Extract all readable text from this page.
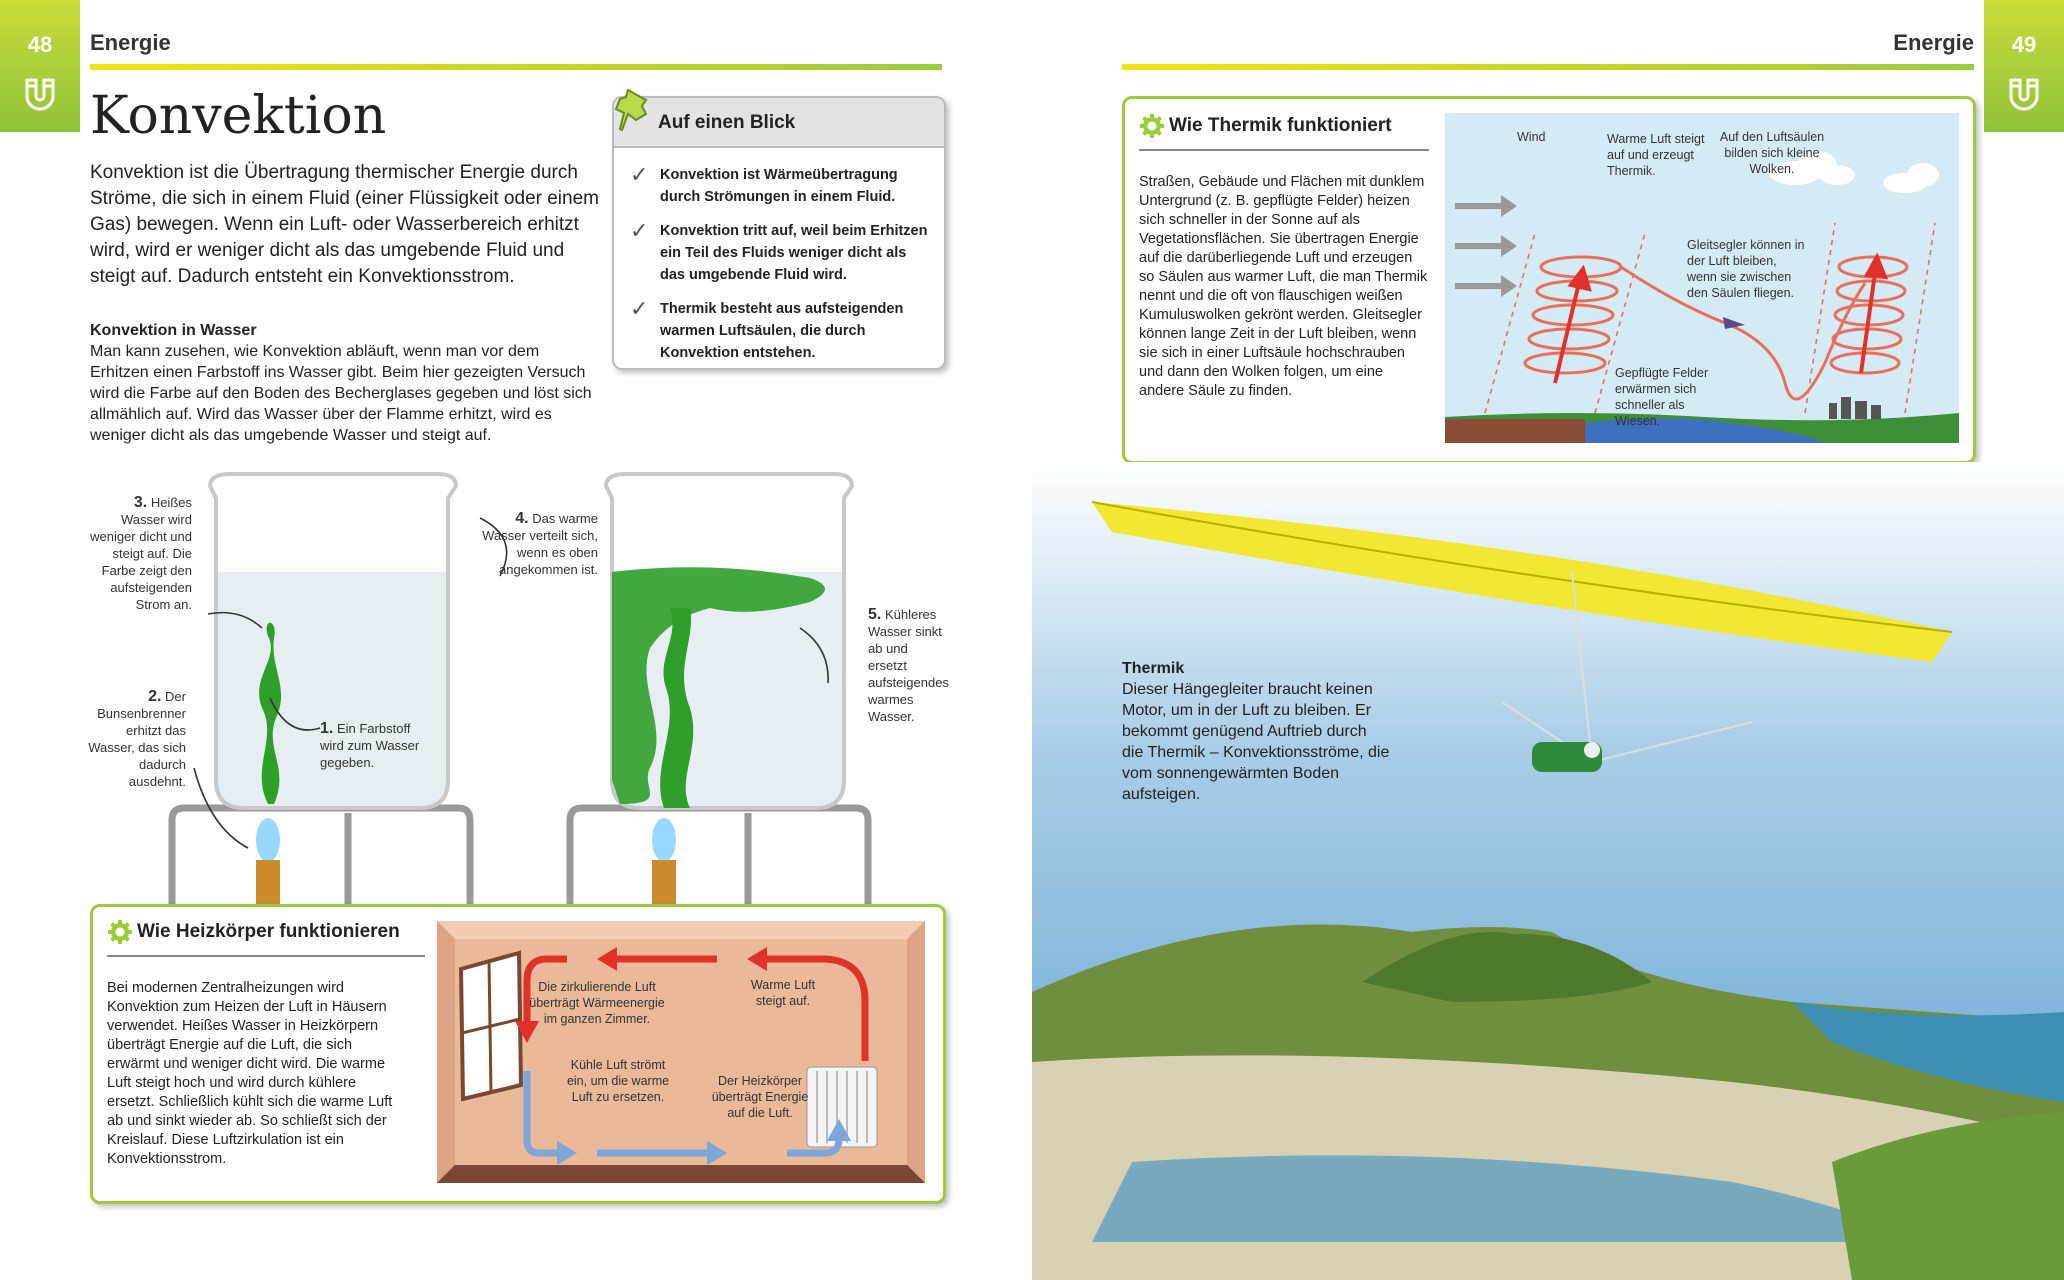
48	Energie
Konvektion
Konvektion ist die Übertragung thermischer Energie durch Ströme, die sich in einem Fluid (einer Flüssigkeit oder einem Gas) bewegen. Wenn ein Luft- oder Wasserbereich erhitzt wird, wird er weniger dicht als das umgebende Fluid und steigt auf. Dadurch entsteht ein Konvektionsstrom.
Konvektion in Wasser
Man kann zusehen, wie Konvektion abläuft, wenn man vor dem Erhitzen einen Farbstoff ins Wasser gibt. Beim hier gezeigten Versuch wird die Farbe auf den Boden des Becherglases gegeben und löst sich allmählich auf. Wird das Wasser über der Flamme erhitzt, wird es weniger dicht als das umgebende Wasser und steigt auf.
Auf einen Blick
✓ Konvektion ist Wärmeübertragung durch Strömungen in einem Fluid.
✓ Konvektion tritt auf, weil beim Erhitzen ein Teil des Fluids weniger dicht als das umgebende Fluid wird.
✓ Thermik besteht aus aufsteigenden warmen Luftsäulen, die durch Konvektion entstehen.
3. Heißes Wasser wird weniger dicht und steigt auf. Die Farbe zeigt den aufsteigenden Strom an.
2. Der Bunsenbrenner erhitzt das Wasser, das sich dadurch ausdehnt.
1. Ein Farbstoff wird zum Wasser gegeben.
4. Das warme Wasser verteilt sich, wenn es oben angekommen ist.
5. Kühleres Wasser sinkt ab und ersetzt aufsteigendes warmes Wasser.
Wie Heizkörper funktionieren
Bei modernen Zentralheizungen wird Konvektion zum Heizen der Luft in Häusern verwendet. Heißes Wasser in Heizkörpern überträgt Energie auf die Luft, die sich erwärmt und weniger dicht wird. Die warme Luft steigt hoch und wird durch kühlere ersetzt. Schließlich kühlt sich die warme Luft ab und sinkt wieder ab. So schließt sich der Kreislauf. Diese Luftzirkulation ist ein Konvektionsstrom.
Die zirkulierende Luft überträgt Wärmeenergie im ganzen Zimmer.
Warme Luft steigt auf.
Kühle Luft strömt ein, um die warme Luft zu ersetzen.
Der Heizkörper überträgt Energie auf die Luft.
49
Energie
Wie Thermik funktioniert
Straßen, Gebäude und Flächen mit dunklem Untergrund (z. B. gepflügte Felder) heizen sich schneller in der Sonne auf als Vegetationsflächen. Sie übertragen Energie auf die darüberliegende Luft und erzeugen so Säulen aus warmer Luft, die man Thermik nennt und die oft von flauschigen weißen Kumuluswolken gekrönt werden. Gleitsegler können lange Zeit in der Luft bleiben, wenn sie sich in einer Luftsäule hochschrauben und dann den Wolken folgen, um eine andere Säule zu finden.
Wind	Warme Luft steigt auf und erzeugt Thermik.
Auf den Luftsäulen bilden sich kleine Wolken.
Gleitsegler können in der Luft bleiben, wenn sie zwischen den Säulen fliegen.
Gepflügte Felder erwärmen sich schneller als Wiesen.
Thermik
Dieser Hängegleiter braucht keinen Motor, um in der Luft zu bleiben. Er bekommt genügend Auftrieb durch die Thermik – Konvektionsströme, die vom sonnengewärmten Boden aufsteigen.
